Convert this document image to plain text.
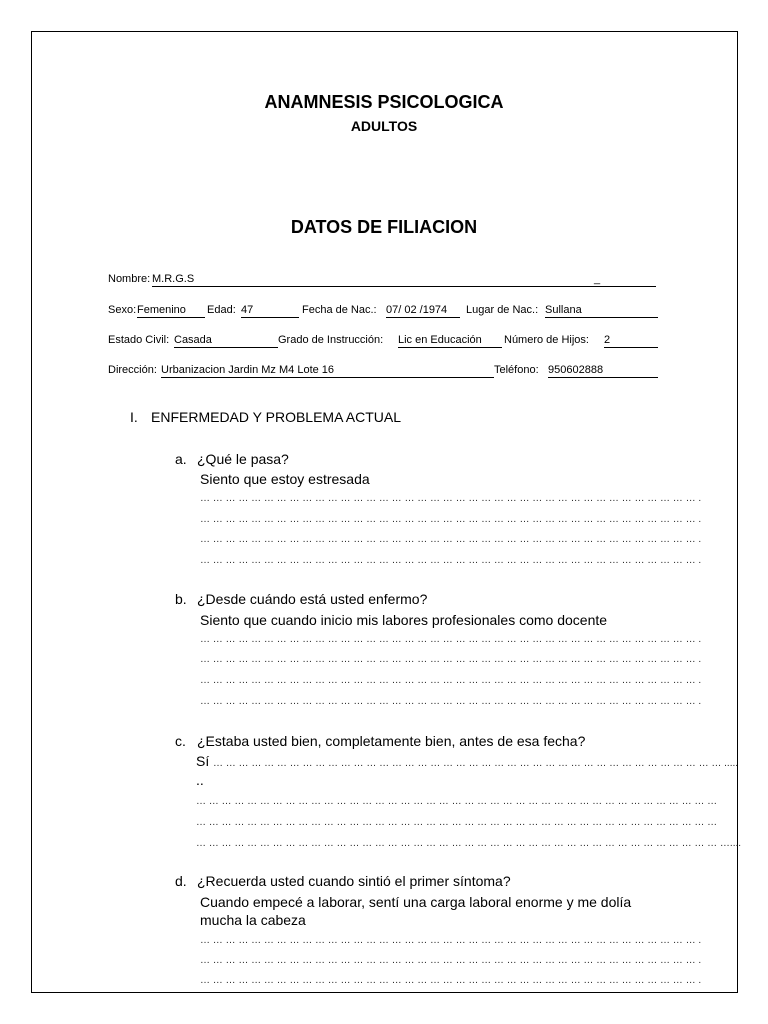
ANAMNESIS PSICOLOGICA
ADULTOS
DATOS DE FILIACION
Nombre: M.R.G.S	_
Sexo: Femenino	Edad: 47	Fecha de Nac.: 07/ 02 /1974	Lugar de Nac.: Sullana
Estado Civil: Casada	Grado de Instrucción: Lic en Educación	Número de Hijos: 2
Dirección: Urbanizacion Jardin Mz M4 Lote 16	Teléfono: 950602888
I. ENFERMEDAD Y PROBLEMA ACTUAL
a. ¿Qué le pasa?
Siento que estoy estresada
… … … … … … … … … … … … … … … … … … … … … … … … … … … … … … … … … … … … … … … .
… … … … … … … … … … … … … … … … … … … … … … … … … … … … … … … … … … … … … … … .
… … … … … … … … … … … … … … … … … … … … … … … … … … … … … … … … … … … … … … … .
… … … … … … … … … … … … … … … … … … … … … … … … … … … … … … … … … … … … … … … .
b. ¿Desde cuándo está usted enfermo?
Siento que cuando inicio mis labores profesionales como docente
… … … … … … … … … … … … … … … … … … … … … … … … … … … … … … … … … … … … … … … .
… … … … … … … … … … … … … … … … … … … … … … … … … … … … … … … … … … … … … … … .
… … … … … … … … … … … … … … … … … … … … … … … … … … … … … … … … … … … … … … … .
… … … … … … … … … … … … … … … … … … … … … … … … … … … … … … … … … … … … … … … .
c. ¿Estaba usted bien, completamente bien, antes de esa fecha?
Sí … … … … … … … … … … … … … … … … … … … … … … … … … … … … … … … … … … … … … … … … .....
..
… … … … … … … … … … … … … … … … … … … … … … … … … … … … … … … … … … … … … … … … …
… … … … … … … … … … … … … … … … … … … … … … … … … … … … … … … … … … … … … … … … …
… … … … … … … … … … … … … … … … … … … … … … … … … … … … … … … … … … … … … … … … … …....
d. ¿Recuerda usted cuando sintió el primer síntoma?
Cuando empecé a laborar, sentí una carga laboral enorme y me dolía
mucha la cabeza
… … … … … … … … … … … … … … … … … … … … … … … … … … … … … … … … … … … … … … … .
… … … … … … … … … … … … … … … … … … … … … … … … … … … … … … … … … … … … … … … .
… … … … … … … … … … … … … … … … … … … … … … … … … … … … … … … … … … … … … … … .
